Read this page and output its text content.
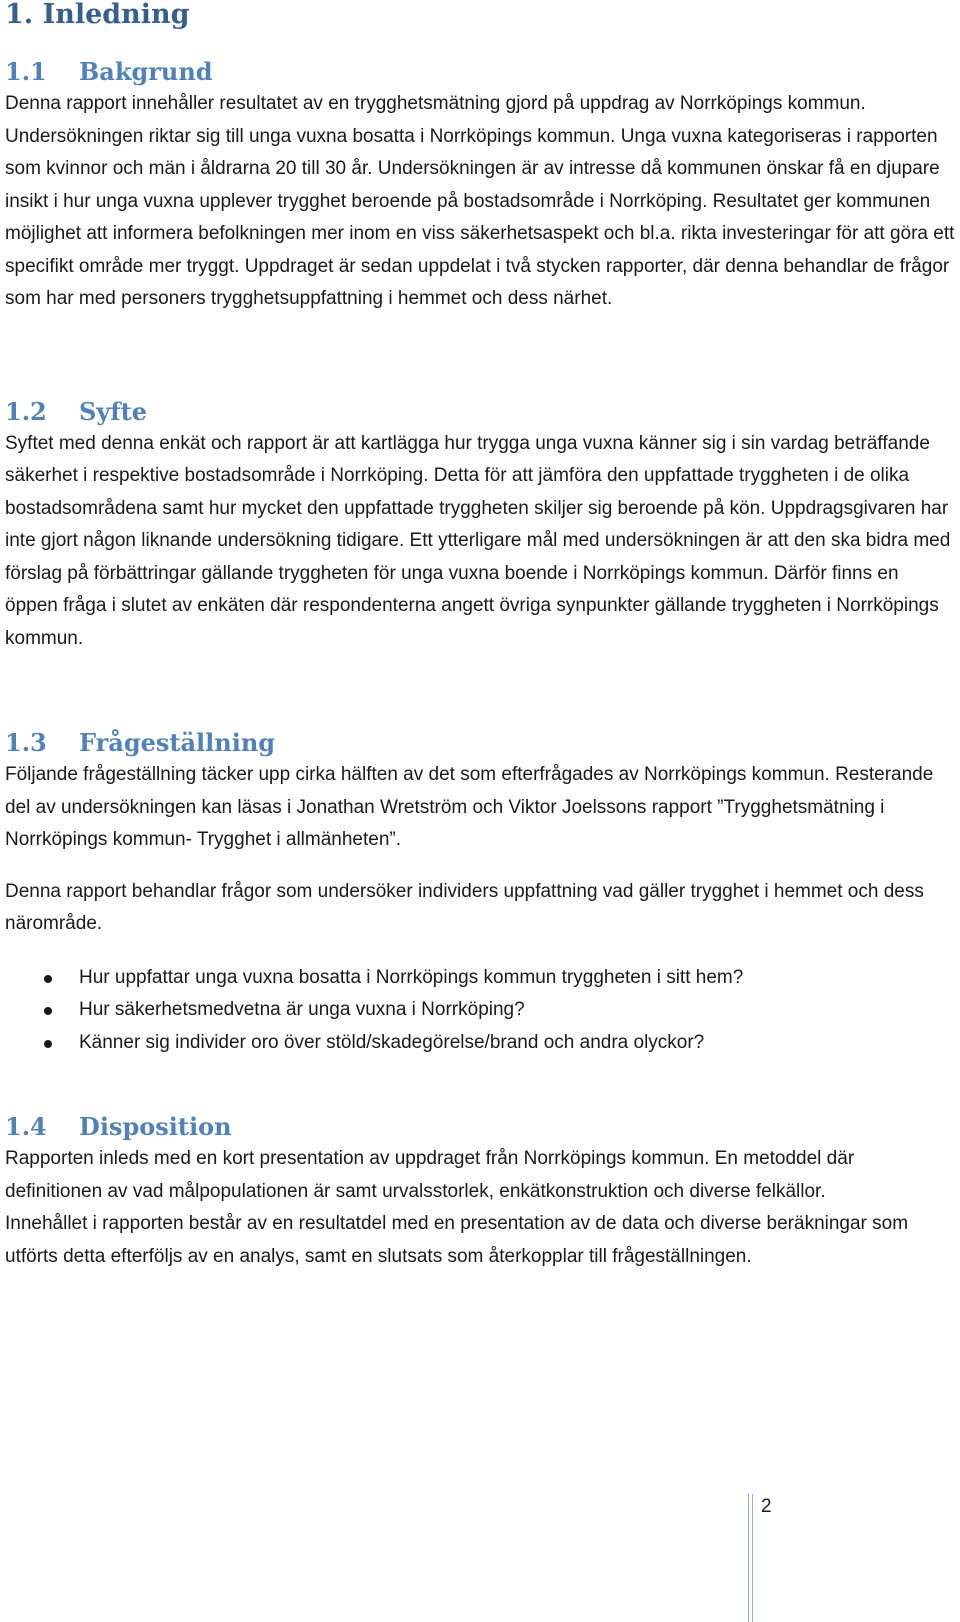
1. Inledning
1.1	Bakgrund

Denna rapport innehåller resultatet av en trygghetsmätning gjord på uppdrag av Norrköpings kommun. Undersökningen riktar sig till unga vuxna bosatta i Norrköpings kommun. Unga vuxna kategoriseras i rapporten som kvinnor och män i åldrarna 20 till 30 år. Undersökningen är av intresse då kommunen önskar få en djupare insikt i hur unga vuxna upplever trygghet beroende på bostadsområde i Norrköping. Resultatet ger kommunen möjlighet att informera befolkningen mer inom en viss säkerhetsaspekt och bl.a. rikta investeringar för att göra ett specifikt område mer tryggt. Uppdraget är sedan uppdelat i två stycken rapporter, där denna behandlar de frågor som har med personers trygghetsuppfattning i hemmet och dess närhet.

1.2	Syfte

Syftet med denna enkät och rapport är att kartlägga hur trygga unga vuxna känner sig i sin vardag beträffande säkerhet i respektive bostadsområde i Norrköping. Detta för att jämföra den uppfattade tryggheten i de olika bostadsområdena samt hur mycket den uppfattade tryggheten skiljer sig beroende på kön. Uppdragsgivaren har inte gjort någon liknande undersökning tidigare. Ett ytterligare mål med undersökningen är att den ska bidra med förslag på förbättringar gällande tryggheten för unga vuxna boende i Norrköpings kommun. Därför finns en öppen fråga i slutet av enkäten där respondenterna angett övriga synpunkter gällande tryggheten i Norrköpings kommun.

1.3	Frågeställning

Följande frågeställning täcker upp cirka hälften av det som efterfrågades av Norrköpings kommun. Resterande del av undersökningen kan läsas i Jonathan Wretström och Viktor Joelssons rapport ”Trygghetsmätning i Norrköpings kommun- Trygghet i allmänheten”.

Denna rapport behandlar frågor som undersöker individers uppfattning vad gäller trygghet i hemmet och dess närområde.

Hur uppfattar unga vuxna bosatta i Norrköpings kommun tryggheten i sitt hem?
Hur säkerhetsmedvetna är unga vuxna i Norrköping?
Känner sig individer oro över stöld/skadegörelse/brand och andra olyckor?
1.4	Disposition

Rapporten inleds med en kort presentation av uppdraget från Norrköpings kommun. En metoddel där definitionen av vad målpopulationen är samt urvalsstorlek, enkätkonstruktion och diverse felkällor.

Innehållet i rapporten består av en resultatdel med en presentation av de data och diverse beräkningar som utförts detta efterföljs av en analys, samt en slutsats som återkopplar till frågeställningen.

2
